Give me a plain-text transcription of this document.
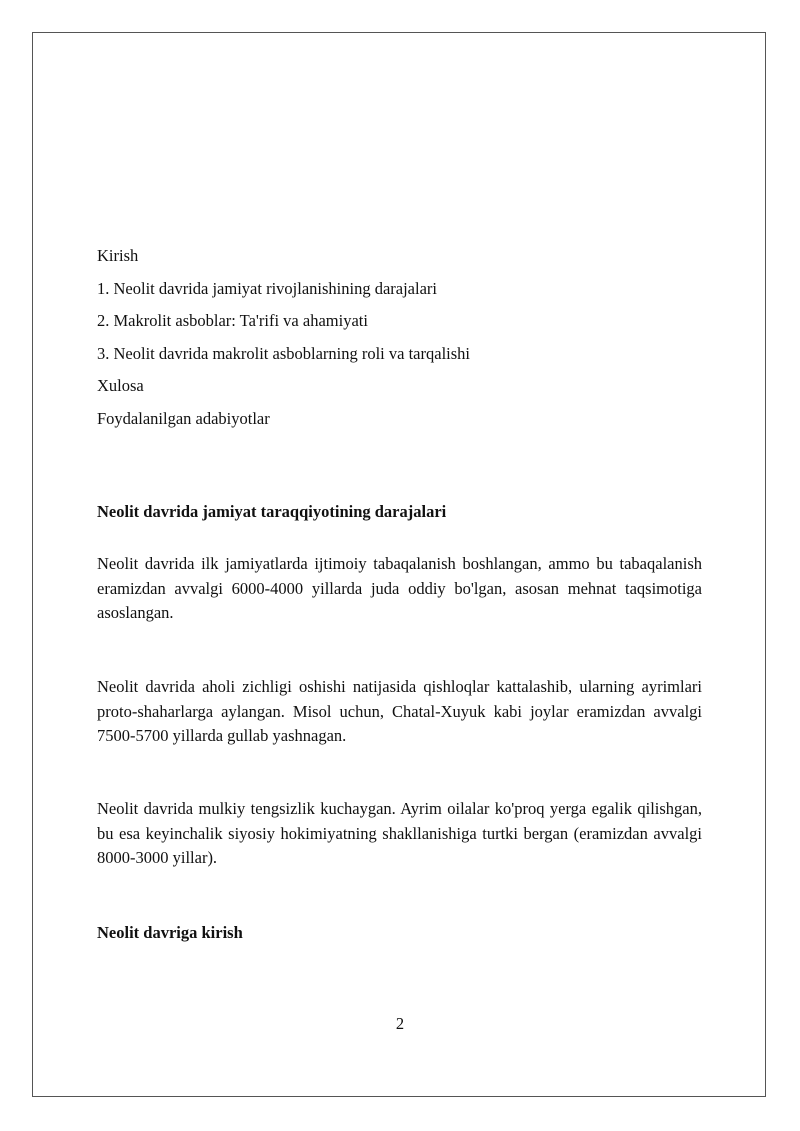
Kirish
1. Neolit davrida jamiyat rivojlanishining darajalari
2. Makrolit asboblar: Ta'rifi va ahamiyati
3. Neolit davrida makrolit asboblarning roli va tarqalishi
Xulosa
Foydalanilgan adabiyotlar
Neolit davrida jamiyat taraqqiyotining darajalari
Neolit davrida ilk jamiyatlarda ijtimoiy tabaqalanish boshlangan, ammo bu tabaqalanish eramizdan avvalgi 6000-4000 yillarda juda oddiy bo'lgan, asosan mehnat taqsimotiga asoslangan.
Neolit davrida aholi zichligi oshishi natijasida qishloqlar kattalashib, ularning ayrimlari proto-shaharlarga aylangan. Misol uchun, Chatal-Xuyuk kabi joylar eramizdan avvalgi 7500-5700 yillarda gullab yashnagan.
Neolit davrida mulkiy tengsizlik kuchaygan. Ayrim oilalar ko'proq yerga egalik qilishgan, bu esa keyinchalik siyosiy hokimiyatning shakllanishiga turtki bergan (eramizdan avvalgi 8000-3000 yillar).
Neolit davriga kirish
2
